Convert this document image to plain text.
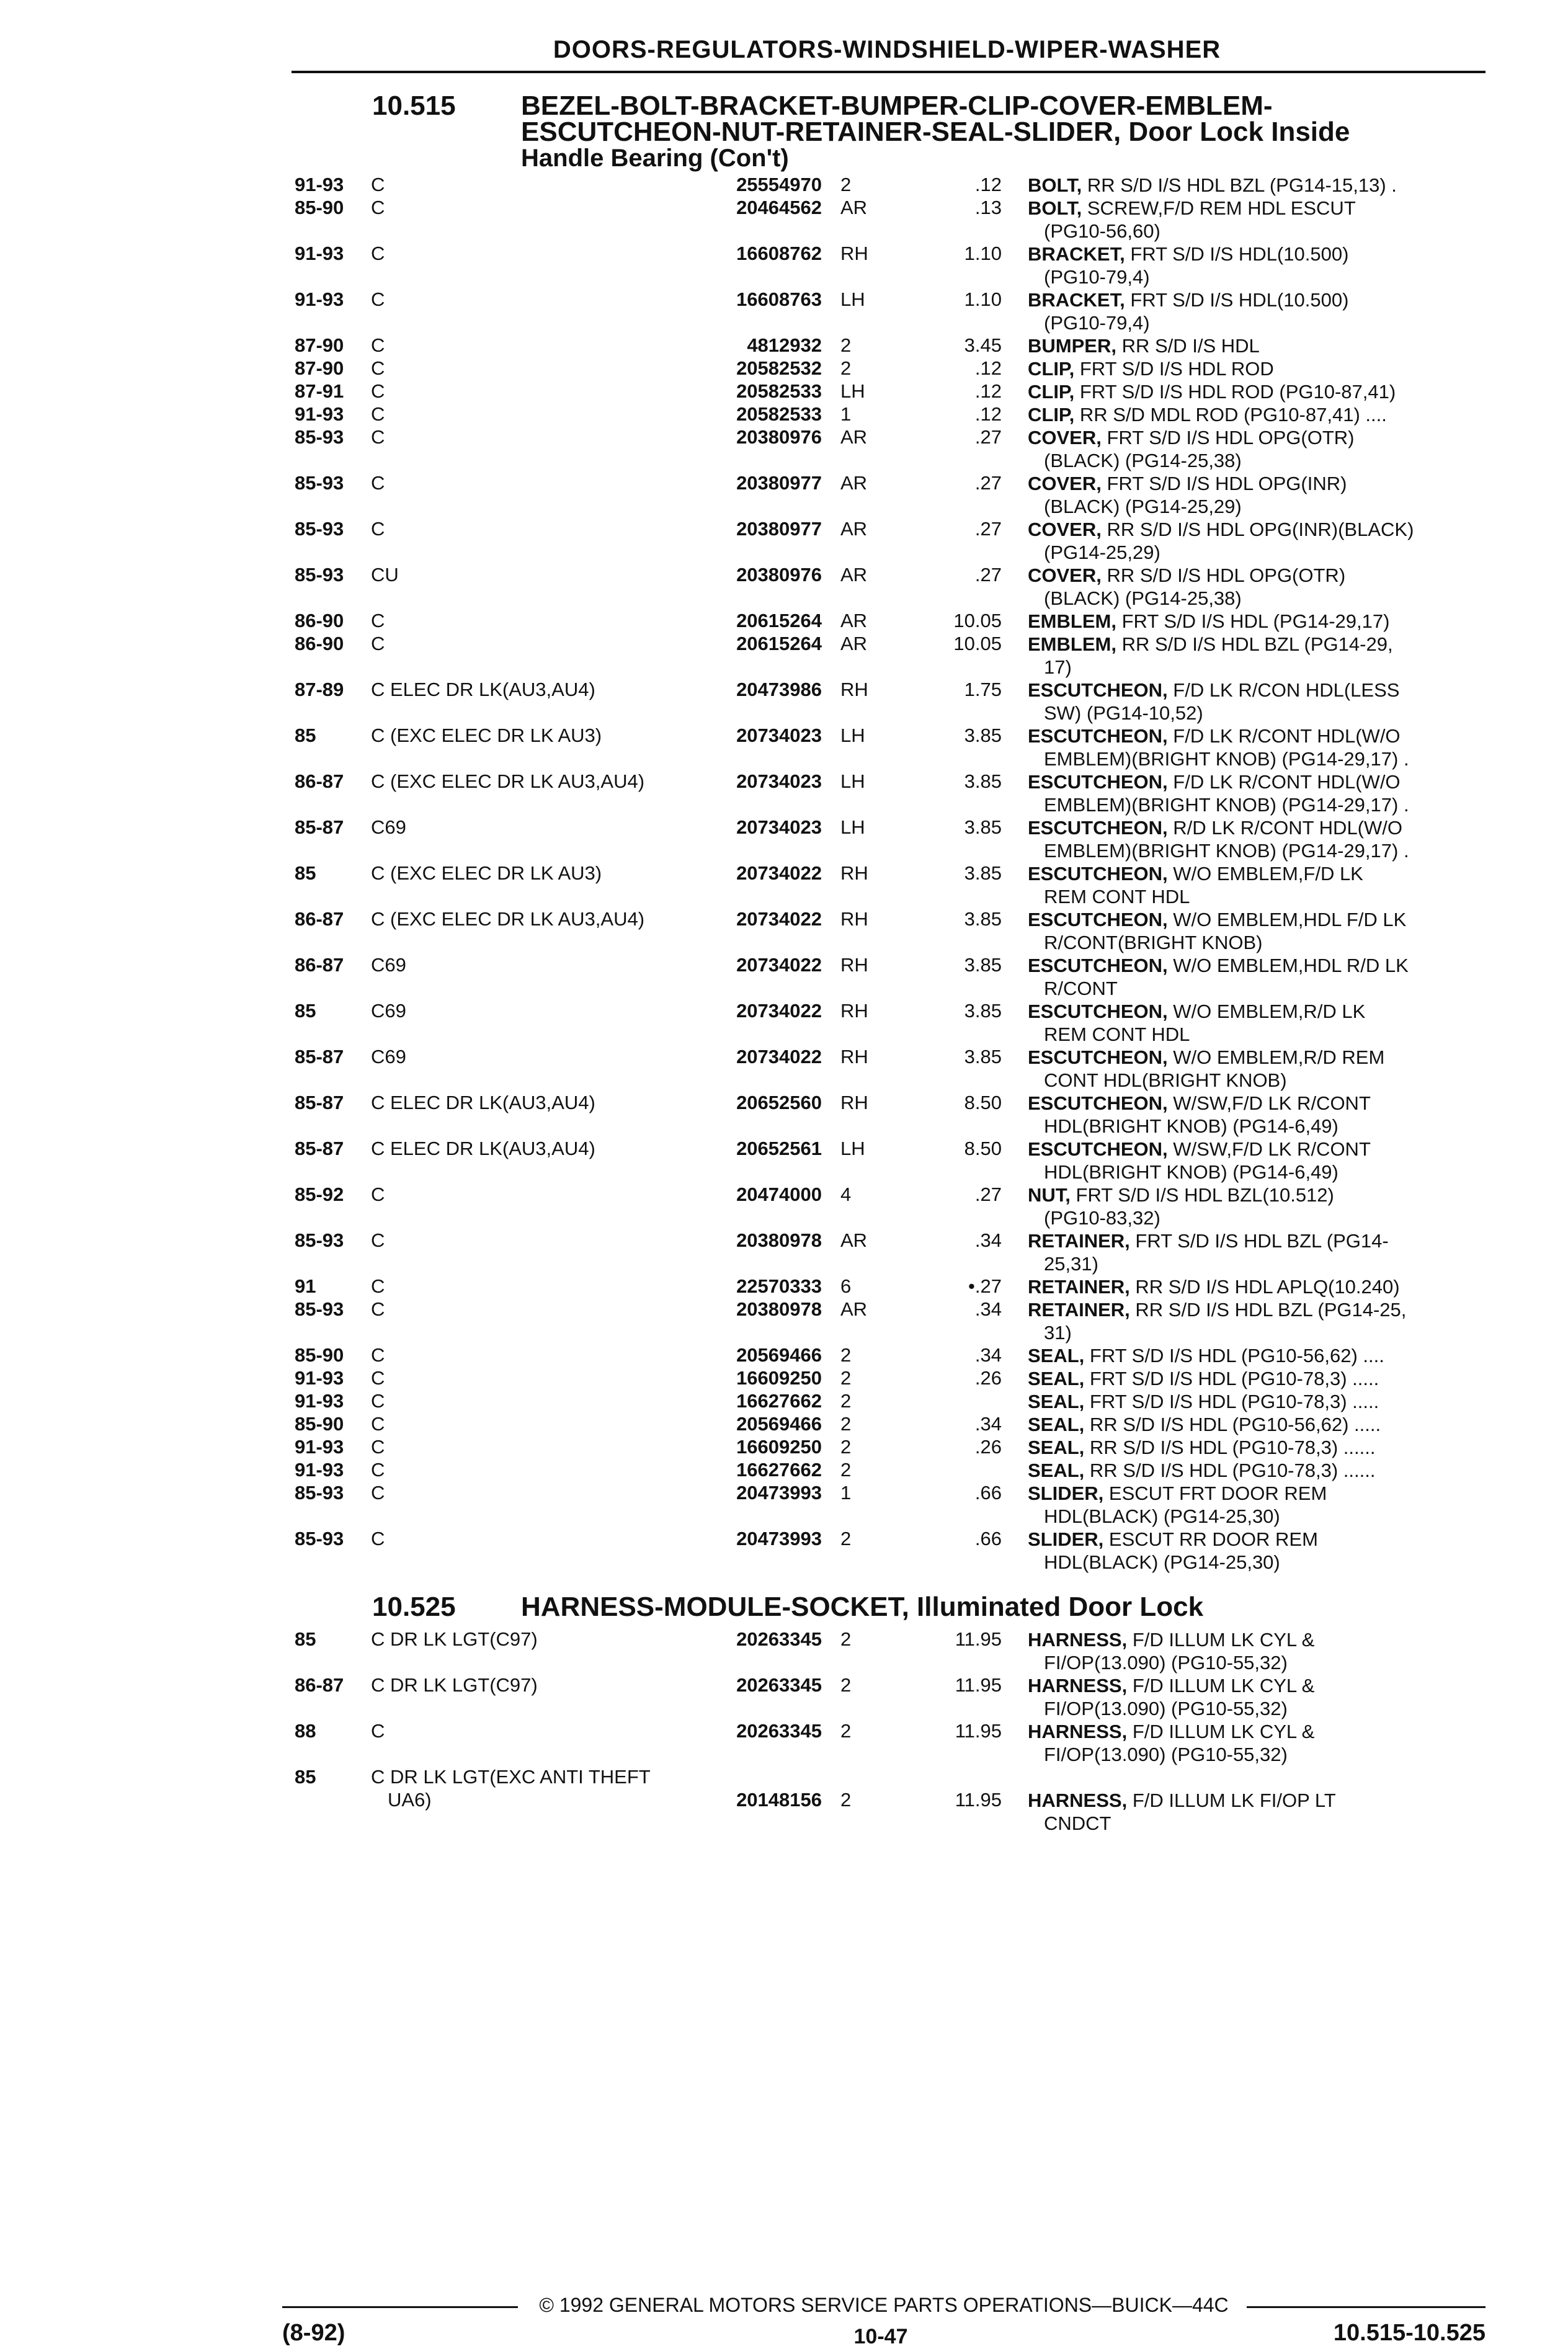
DOORS-REGULATORS-WINDSHIELD-WIPER-WASHER
10.515	BEZEL-BOLT-BRACKET-BUMPER-CLIP-COVER-EMBLEM-
ESCUTCHEON-NUT-RETAINER-SEAL-SLIDER, Door Lock Inside
Handle Bearing (Con't)
91-93	C	25554970 2	.12 BOLT, RR S/D I/S HDL BZL (PG14-15,13) .
85-90	C	20464562 AR	.13 BOLT, SCREW,F/D REM HDL ESCUT
(PG10-56,60)
91-93	C	16608762 RH	1.10 BRACKET, FRT S/D I/S HDL(10.500)
(PG10-79,4)
91-93	C	16608763 LH	1.10 BRACKET, FRT S/D I/S HDL(10.500)
(PG10-79,4)
87-90	C	4812932 2	3.45 BUMPER, RR S/D I/S HDL
87-90	C	20582532 2	.12 CLIP, FRT S/D I/S HDL ROD
87-91	C	20582533 LH	.12 CLIP, FRT S/D I/S HDL ROD (PG10-87,41)
91-93	C	20582533 1	.12 CLIP, RR S/D MDL ROD (PG10-87,41) ....
85-93	C	20380976 AR	.27 COVER, FRT S/D I/S HDL OPG(OTR)
(BLACK) (PG14-25,38)
85-93	C	20380977 AR	.27 COVER, FRT S/D I/S HDL OPG(INR)
(BLACK) (PG14-25,29)
85-93	C	20380977 AR	.27 COVER, RR S/D I/S HDL OPG(INR)(BLACK)
(PG14-25,29)
85-93	CU	20380976 AR	.27 COVER, RR S/D I/S HDL OPG(OTR)
(BLACK) (PG14-25,38)
86-90	C	20615264 AR	10.05 EMBLEM, FRT S/D I/S HDL (PG14-29,17)
86-90	C	20615264 AR	10.05 EMBLEM, RR S/D I/S HDL BZL (PG14-29,
17)
87-89	C ELEC DR LK(AU3,AU4)	20473986 RH	1.75 ESCUTCHEON, F/D LK R/CON HDL(LESS
SW) (PG14-10,52)
85	C (EXC ELEC DR LK AU3)	20734023 LH	3.85 ESCUTCHEON, F/D LK R/CONT HDL(W/O
EMBLEM)(BRIGHT KNOB) (PG14-29,17) .
86-87	C (EXC ELEC DR LK AU3,AU4)	20734023 LH	3.85 ESCUTCHEON, F/D LK R/CONT HDL(W/O
EMBLEM)(BRIGHT KNOB) (PG14-29,17) .
85-87	C69	20734023 LH	3.85 ESCUTCHEON, R/D LK R/CONT HDL(W/O
EMBLEM)(BRIGHT KNOB) (PG14-29,17) .
85	C (EXC ELEC DR LK AU3)	20734022 RH	3.85 ESCUTCHEON, W/O EMBLEM,F/D LK
REM CONT HDL
86-87	C (EXC ELEC DR LK AU3,AU4)	20734022 RH	3.85 ESCUTCHEON, W/O EMBLEM,HDL F/D LK
R/CONT(BRIGHT KNOB)
86-87	C69	20734022 RH	3.85 ESCUTCHEON, W/O EMBLEM,HDL R/D LK
R/CONT
85	C69	20734022 RH	3.85 ESCUTCHEON, W/O EMBLEM,R/D LK
REM CONT HDL
85-87	C69	20734022 RH	3.85 ESCUTCHEON, W/O EMBLEM,R/D REM
CONT HDL(BRIGHT KNOB)
85-87	C ELEC DR LK(AU3,AU4)	20652560 RH	8.50 ESCUTCHEON, W/SW,F/D LK R/CONT
HDL(BRIGHT KNOB) (PG14-6,49)
85-87	C ELEC DR LK(AU3,AU4)	20652561 LH	8.50 ESCUTCHEON, W/SW,F/D LK R/CONT
HDL(BRIGHT KNOB) (PG14-6,49)
85-92	C	20474000 4	.27 NUT, FRT S/D I/S HDL BZL(10.512)
(PG10-83,32)
85-93	C	20380978 AR	.34 RETAINER, FRT S/D I/S HDL BZL (PG14-
25,31)
91	C	22570333 6	•.27 RETAINER, RR S/D I/S HDL APLQ(10.240)
85-93	C	20380978 AR	.34 RETAINER, RR S/D I/S HDL BZL (PG14-25,
31)
85-90	C	20569466 2	.34 SEAL, FRT S/D I/S HDL (PG10-56,62) ....
91-93	C	16609250 2	.26 SEAL, FRT S/D I/S HDL (PG10-78,3) .....
91-93	C	16627662 2	SEAL, FRT S/D I/S HDL (PG10-78,3) .....
85-90	C	20569466 2	.34 SEAL, RR S/D I/S HDL (PG10-56,62) .....
91-93	C	16609250 2	.26 SEAL, RR S/D I/S HDL (PG10-78,3) ......
91-93	C	16627662 2	SEAL, RR S/D I/S HDL (PG10-78,3) ......
85-93	C	20473993 1	.66 SLIDER, ESCUT FRT DOOR REM
HDL(BLACK) (PG14-25,30)
85-93	C	20473993 2	.66 SLIDER, ESCUT RR DOOR REM
HDL(BLACK) (PG14-25,30)
10.525	HARNESS-MODULE-SOCKET, Illuminated Door Lock
85	C DR LK LGT(C97)	20263345 2	11.95 HARNESS, F/D ILLUM LK CYL &
FI/OP(13.090) (PG10-55,32)
86-87	C DR LK LGT(C97)	20263345 2	11.95 HARNESS, F/D ILLUM LK CYL &
FI/OP(13.090) (PG10-55,32)
88	C	20263345 2	11.95 HARNESS, F/D ILLUM LK CYL &
FI/OP(13.090) (PG10-55,32)
85	C DR LK LGT(EXC ANTI THEFT
UA6)	20148156 2	11.95 HARNESS, F/D ILLUM LK FI/OP LT
CNDCT
© 1992 GENERAL MOTORS SERVICE PARTS OPERATIONS—BUICK—44C
(8-92)	10-47	10.515-10.525
